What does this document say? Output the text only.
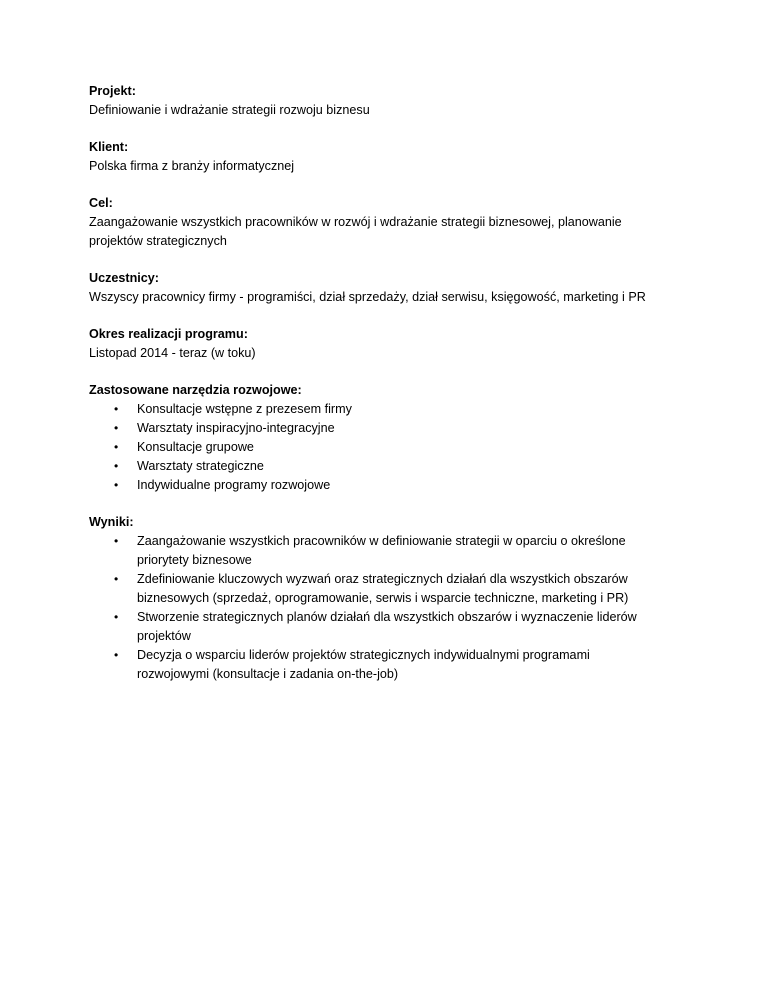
Projekt:
Definiowanie i wdrażanie strategii rozwoju biznesu
Klient:
Polska firma z branży informatycznej
Cel:
Zaangażowanie wszystkich pracowników w rozwój i wdrażanie strategii biznesowej, planowanie
projektów strategicznych
Uczestnicy:
Wszyscy pracownicy firmy - programiści, dział sprzedaży, dział serwisu, księgowość, marketing i PR
Okres realizacji programu:
Listopad 2014 - teraz (w toku)
Zastosowane narzędzia rozwojowe:
• Konsultacje wstępne z prezesem firmy
• Warsztaty inspiracyjno-integracyjne
• Konsultacje grupowe
• Warsztaty strategiczne
• Indywidualne programy rozwojowe
Wyniki:
• Zaangażowanie wszystkich pracowników w definiowanie strategii w oparciu o określone
priorytety biznesowe
• Zdefiniowanie kluczowych wyzwań oraz strategicznych działań dla wszystkich obszarów
biznesowych (sprzedaż, oprogramowanie, serwis i wsparcie techniczne, marketing i PR)
• Stworzenie strategicznych planów działań dla wszystkich obszarów i wyznaczenie liderów
projektów
• Decyzja o wsparciu liderów projektów strategicznych indywidualnymi programami
rozwojowymi (konsultacje i zadania on-the-job)
